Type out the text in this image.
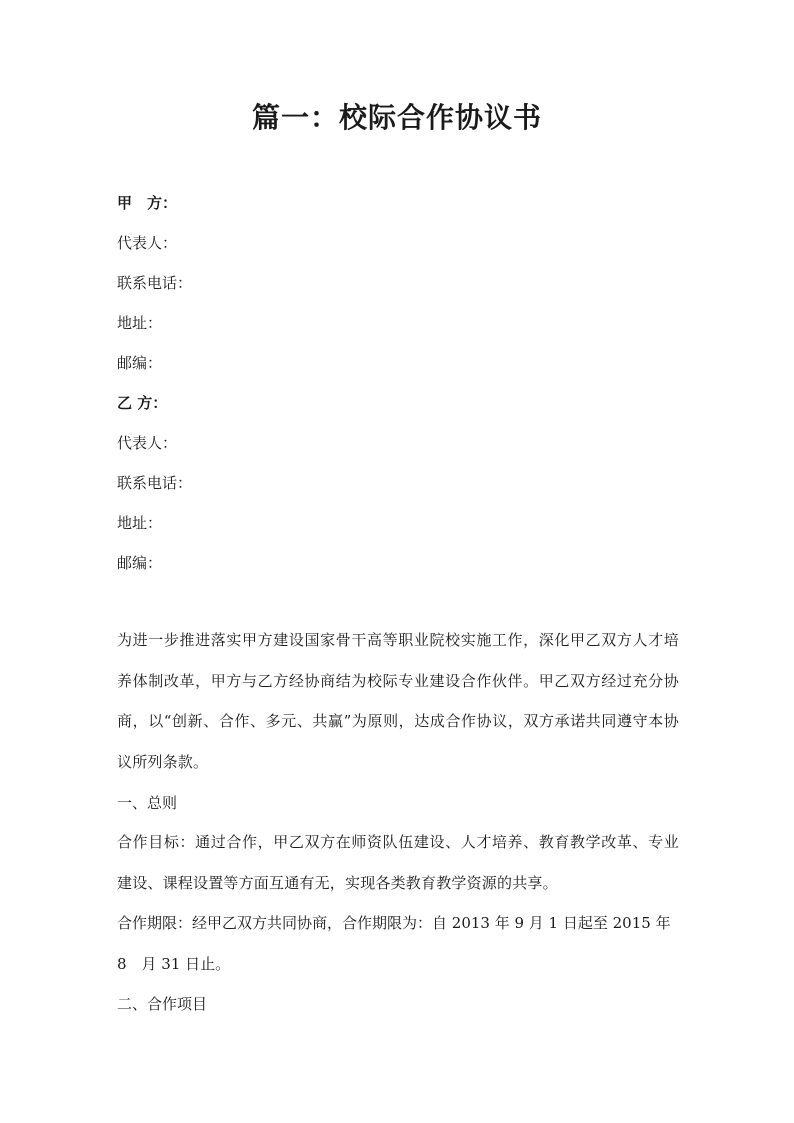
篇一：校际合作协议书
甲　方：
代表人：
联系电话：
地址：
邮编：
乙 方：
代表人：
联系电话：
地址：
邮编：
为进一步推进落实甲方建设国家骨干高等职业院校实施工作，深化甲乙双方人才培养体制改革，甲方与乙方经协商结为校际专业建设合作伙伴。甲乙双方经过充分协商，以“创新、合作、多元、共赢”为原则，达成合作协议，双方承诺共同遵守本协议所列条款。
一、总则
合作目标：通过合作，甲乙双方在师资队伍建设、人才培养、教育教学改革、专业建设、课程设置等方面互通有无，实现各类教育教学资源的共享。
合作期限：经甲乙双方共同协商，合作期限为：自 2013 年 9 月 1 日起至 2015 年
8　月 31 日止。
二、合作项目
